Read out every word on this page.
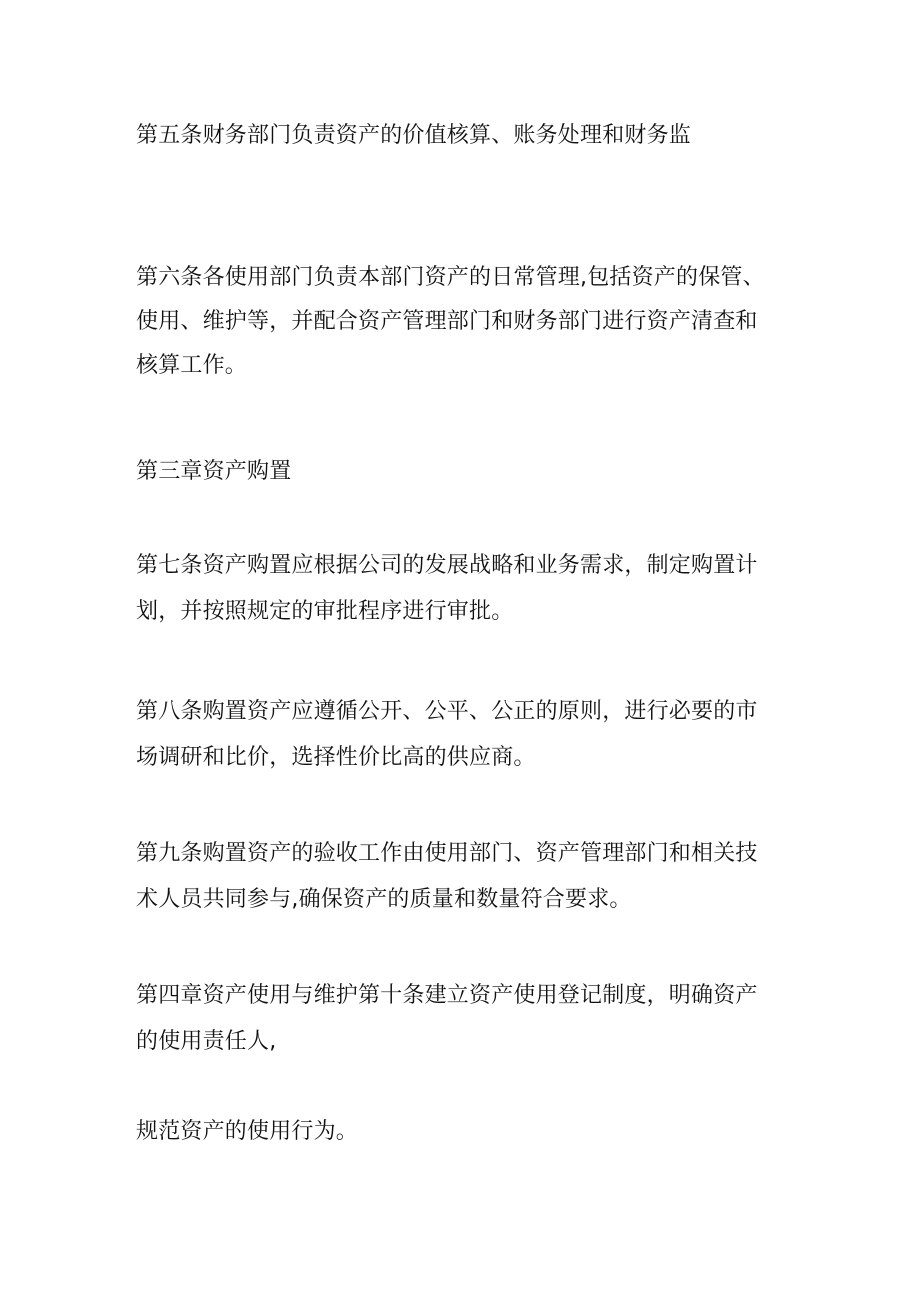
第五条财务部门负责资产的价值核算、账务处理和财务监

第六条各使用部门负责本部门资产的日常管理,包括资产的保管、
使用、维护等，并配合资产管理部门和财务部门进行资产清查和
核算工作。

第三章资产购置

第七条资产购置应根据公司的发展战略和业务需求，制定购置计
划，并按照规定的审批程序进行审批。

第八条购置资产应遵循公开、公平、公正的原则，进行必要的市
场调研和比价，选择性价比高的供应商。

第九条购置资产的验收工作由使用部门、资产管理部门和相关技
术人员共同参与,确保资产的质量和数量符合要求。

第四章资产使用与维护第十条建立资产使用登记制度，明确资产
的使用责任人,

规范资产的使用行为。
